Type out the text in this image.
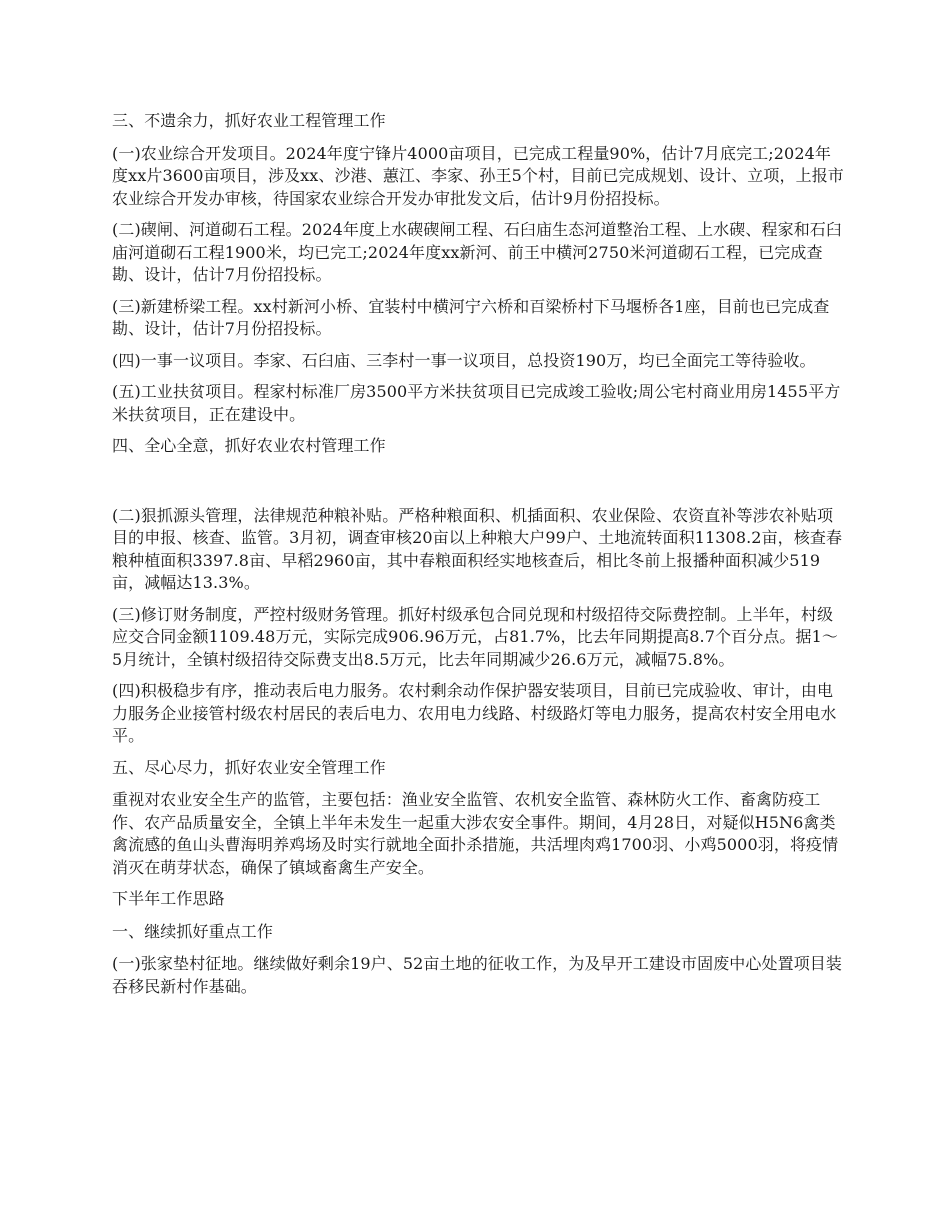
三、不遗余力，抓好农业工程管理工作

(一)农业综合开发项目。2024年度宁锋片4000亩项目，已完成工程量90%，估计7月底完工;2024年度xx片3600亩项目，涉及xx、沙港、蕙江、李家、孙王5个村，目前已完成规划、设计、立项，上报市农业综合开发办审核，待国家农业综合开发办审批发文后，估计9月份招投标。

(二)碶闸、河道砌石工程。2024年度上水碶碶闸工程、石臼庙生态河道整治工程、上水碶、程家和石臼庙河道砌石工程1900米，均已完工;2024年度xx新河、前王中横河2750米河道砌石工程，已完成查勘、设计，估计7月份招投标。

(三)新建桥梁工程。xx村新河小桥、宜装村中横河宁六桥和百梁桥村下马堰桥各1座，目前也已完成查勘、设计，估计7月份招投标。

(四)一事一议项目。李家、石臼庙、三李村一事一议项目，总投资190万，均已全面完工等待验收。

(五)工业扶贫项目。程家村标准厂房3500平方米扶贫项目已完成竣工验收;周公宅村商业用房1455平方米扶贫项目，正在建设中。

四、全心全意，抓好农业农村管理工作

(二)狠抓源头管理，法律规范种粮补贴。严格种粮面积、机插面积、农业保险、农资直补等涉农补贴项目的申报、核查、监管。3月初，调查审核20亩以上种粮大户99户、土地流转面积11308.2亩，核查春粮种植面积3397.8亩、早稻2960亩，其中春粮面积经实地核查后，相比冬前上报播种面积减少519亩，减幅达13.3%。

(三)修订财务制度，严控村级财务管理。抓好村级承包合同兑现和村级招待交际费控制。上半年，村级应交合同金额1109.48万元，实际完成906.96万元，占81.7%，比去年同期提高8.7个百分点。据1～5月统计，全镇村级招待交际费支出8.5万元，比去年同期减少26.6万元，减幅75.8%。

(四)积极稳步有序，推动表后电力服务。农村剩余动作保护器安装项目，目前已完成验收、审计，由电力服务企业接管村级农村居民的表后电力、农用电力线路、村级路灯等电力服务，提高农村安全用电水平。

五、尽心尽力，抓好农业安全管理工作

重视对农业安全生产的监管，主要包括：渔业安全监管、农机安全监管、森林防火工作、畜禽防疫工作、农产品质量安全，全镇上半年未发生一起重大涉农安全事件。期间，4月28日，对疑似H5N6禽类禽流感的鱼山头曹海明养鸡场及时实行就地全面扑杀措施，共活埋肉鸡1700羽、小鸡5000羽，将疫情消灭在萌芽状态，确保了镇域畜禽生产安全。

下半年工作思路

一、继续抓好重点工作

(一)张家垫村征地。继续做好剩余19户、52亩土地的征收工作，为及早开工建设市固废中心处置项目装吞移民新村作基础。
